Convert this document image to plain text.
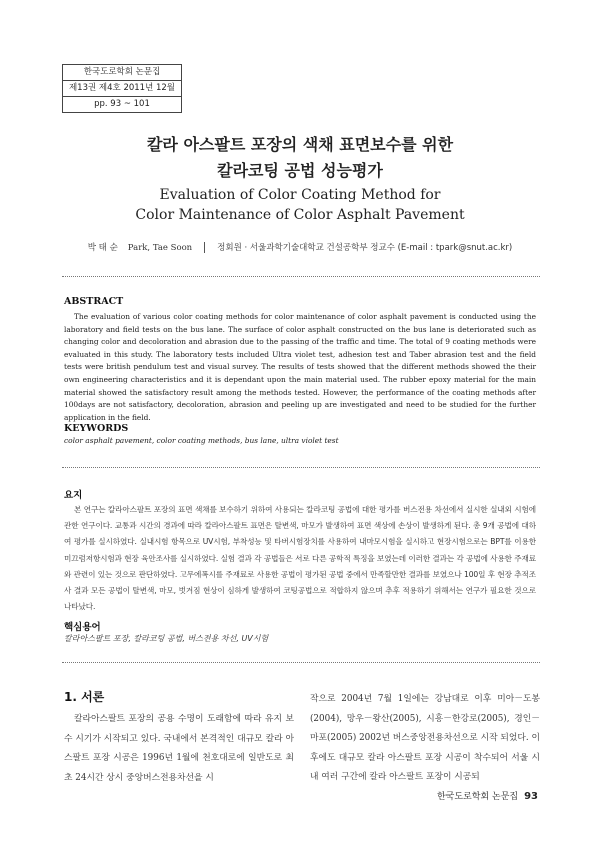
한국도로학회 논문집
제13권 제4호 2011년 12월
pp. 93 ~ 101
칼라 아스팔트 포장의 색채 표면보수를 위한
칼라코팅 공법 성능평가
Evaluation of Color Coating Method for
Color Maintenance of Color Asphalt Pavement
박 태 순 Park, Tae Soon	정회원 · 서울과학기술대학교 건설공학부 정교수 (E-mail : tpark@snut.ac.kr)
ABSTRACT
The evaluation of various color coating methods for color maintenance of color asphalt pavement is conducted using the laboratory and field tests on the bus lane. The surface of color asphalt constructed on the bus lane is deteriorated such as changing color and decoloration and abrasion due to the passing of the traffic and time. The total of 9 coating methods were evaluated in this study. The laboratory tests included Ultra violet test, adhesion test and Taber abrasion test and the field tests were british pendulum test and visual survey. The results of tests showed that the different methods showed the their own engineering characteristics and it is dependant upon the main material used. The rubber epoxy material for the main material showed the satisfactory result among the methods tested. However, the performance of the coating methods after 100days are not satisfactory, decoloration, abrasion and peeling up are investigated and need to be studied for the further application in the field.
KEYWORDS
color asphalt pavement, color coating methods, bus lane, ultra violet test
요지
본 연구는 칼라아스팔트 포장의 표면 색채를 보수하기 위하여 사용되는 칼라코팅 공법에 대한 평가를 버스전용 차선에서 실시한 실내외 시험에 관한 연구이다. 교통과 시간의 경과에 따라 칼라아스팔트 표면은 탈변색, 마모가 발생하여 표면 색상에 손상이 발생하게 된다. 총 9개 공법에 대하여 평가를 실시하였다. 실내시험 항목으로 UV시험, 부착성능 및 타버시험장치를 사용하여 내마모시험을 실시하고 현장시험으로는 BPT를 이용한 미끄럼저항시험과 현장 육안조사를 실시하였다. 실험 결과 각 공법들은 서로 다른 공학적 특징을 보였는데 이러한 결과는 각 공법에 사용한 주재료와 관련이 있는 것으로 판단하였다. 고무에폭시를 주재료로 사용한 공법이 평가된 공법 중에서 만족할만한 결과를 보였으나 100일 후 현장 추적조사 결과 모든 공법이 탈변색, 마모, 벗겨짐 현상이 심하게 발생하여 코팅공법으로 적합하지 않으며 추후 적용하기 위해서는 연구가 필요한 것으로 나타났다.
핵심용어
칼라아스팔트 포장, 칼라코팅 공법, 버스전용 차선, UV시험
1. 서론
칼라아스팔트 포장의 공용 수명이 도래함에 따라 유지 보수 시기가 시작되고 있다. 국내에서 본격적인 대규모 칼라 아스팔트 포장 시공은 1996년 1월에 천호대로에 일반도로 최초 24시간 상시 중앙버스전용차선을 시
작으로 2004년 7월 1일에는 강남대로 이후 미아－도봉(2004), 망우－왕산(2005), 시흥－한강로(2005), 경인－마포(2005) 2002년 버스중앙전용차선으로 시작 되었다. 이후에도 대규모 칼라 아스팔트 포장 시공이 착수되어 서울 시내 여러 구간에 칼라 아스팔트 포장이 시공되
한국도로학회 논문집 93
